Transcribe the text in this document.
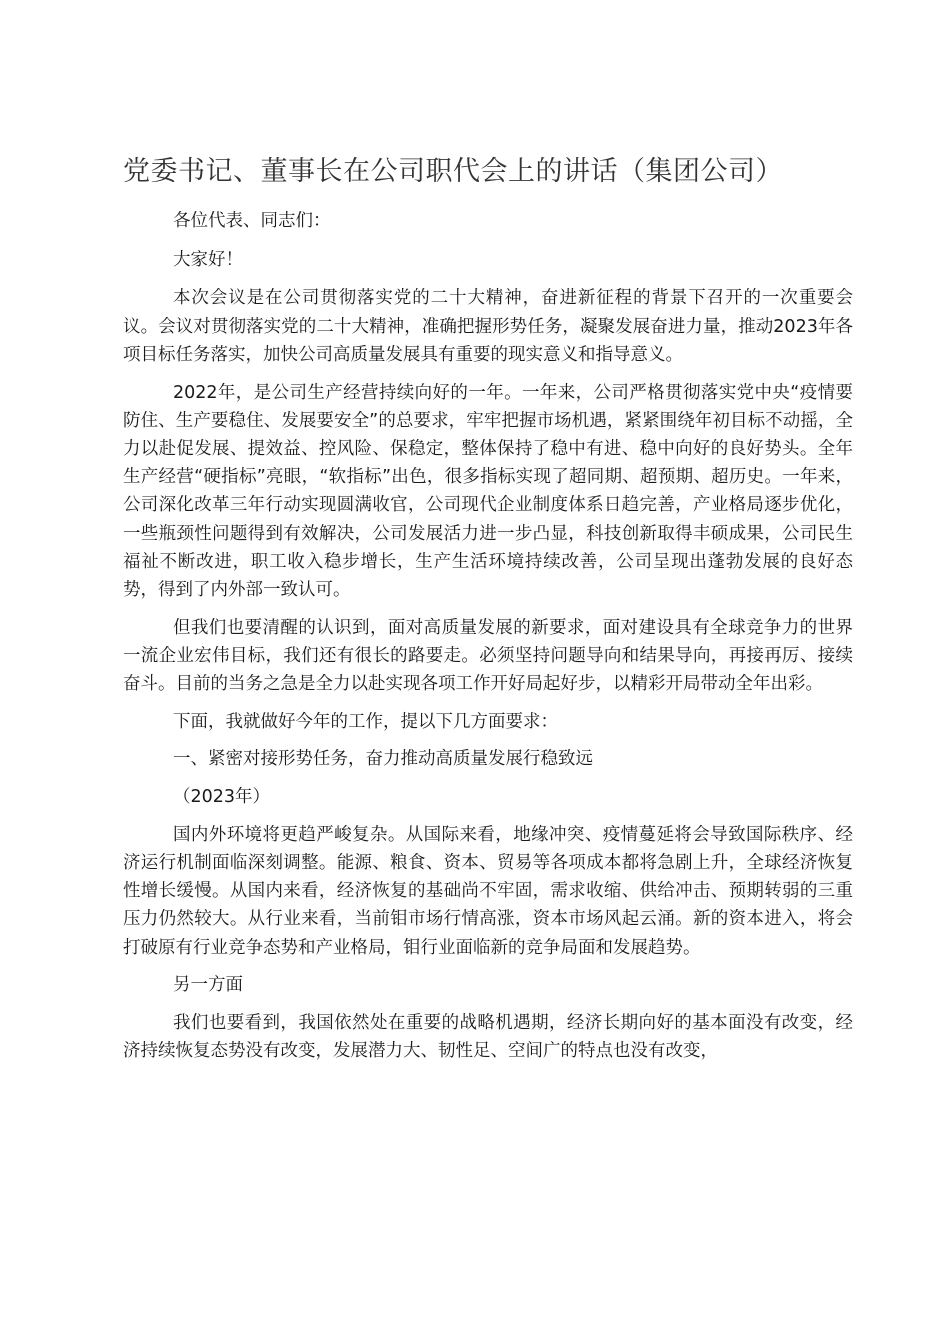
党委书记、董事长在公司职代会上的讲话（集团公司）

各位代表、同志们：

大家好！

本次会议是在公司贯彻落实党的二十大精神，奋进新征程的背景下召开的一次重要会议。会议对贯彻落实党的二十大精神，准确把握形势任务，凝聚发展奋进力量，推动2023年各项目标任务落实，加快公司高质量发展具有重要的现实意义和指导意义。

2022年，是公司生产经营持续向好的一年。一年来，公司严格贯彻落实党中央“疫情要防住、生产要稳住、发展要安全”的总要求，牢牢把握市场机遇，紧紧围绕年初目标不动摇，全力以赴促发展、提效益、控风险、保稳定，整体保持了稳中有进、稳中向好的良好势头。全年生产经营“硬指标”亮眼，“软指标”出色，很多指标实现了超同期、超预期、超历史。一年来，公司深化改革三年行动实现圆满收官，公司现代企业制度体系日趋完善，产业格局逐步优化，一些瓶颈性问题得到有效解决，公司发展活力进一步凸显，科技创新取得丰硕成果，公司民生福祉不断改进，职工收入稳步增长，生产生活环境持续改善，公司呈现出蓬勃发展的良好态势，得到了内外部一致认可。

但我们也要清醒的认识到，面对高质量发展的新要求，面对建设具有全球竞争力的世界一流企业宏伟目标，我们还有很长的路要走。必须坚持问题导向和结果导向，再接再厉、接续奋斗。目前的当务之急是全力以赴实现各项工作开好局起好步，以精彩开局带动全年出彩。

下面，我就做好今年的工作，提以下几方面要求：

一、紧密对接形势任务，奋力推动高质量发展行稳致远

（2023年）

国内外环境将更趋严峻复杂。从国际来看，地缘冲突、疫情蔓延将会导致国际秩序、经济运行机制面临深刻调整。能源、粮食、资本、贸易等各项成本都将急剧上升，全球经济恢复性增长缓慢。从国内来看，经济恢复的基础尚不牢固，需求收缩、供给冲击、预期转弱的三重压力仍然较大。从行业来看，当前钼市场行情高涨，资本市场风起云涌。新的资本进入，将会打破原有行业竞争态势和产业格局，钼行业面临新的竞争局面和发展趋势。

另一方面

我们也要看到，我国依然处在重要的战略机遇期，经济长期向好的基本面没有改变，经济持续恢复态势没有改变，发展潜力大、韧性足、空间广的特点也没有改变，
